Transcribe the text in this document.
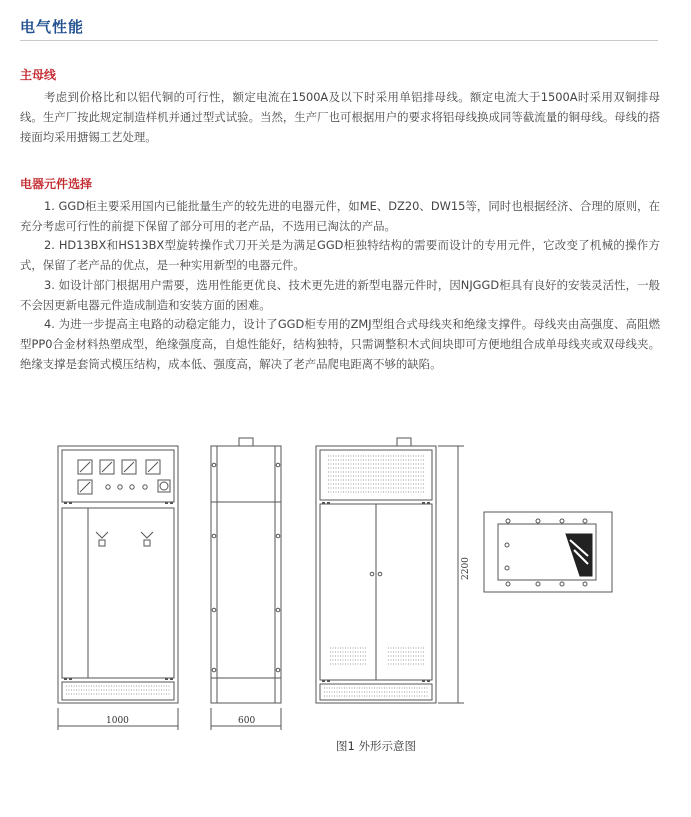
电气性能
主母线

考虑到价格比和以铝代铜的可行性，额定电流在1500A及以下时采用单铝排母线。额定电流大于1500A时采用双铜排母线。生产厂按此规定制造样机并通过型式试验。当然，生产厂也可根据用户的要求将铝母线换成同等截流量的铜母线。母线的搭接面均采用搪锡工艺处理。

电器元件选择

1. GGD柜主要采用国内已能批量生产的较先进的电器元件，如ME、DZ20、DW15等，同时也根据经济、合理的原则，在充分考虑可行性的前提下保留了部分可用的老产品，不选用已淘汰的产品。

2. HD13BX和HS13BX型旋转操作式刀开关是为满足GGD柜独特结构的需要而设计的专用元件，它改变了机械的操作方式，保留了老产品的优点，是一种实用新型的电器元件。

3. 如设计部门根据用户需要，选用性能更优良、技术更先进的新型电器元件时，因NJGGD柜具有良好的安装灵活性，一般不会因更新电器元件造成制造和安装方面的困难。

4. 为进一步提高主电路的动稳定能力，设计了GGD柜专用的ZMJ型组合式母线夹和绝缘支撑件。母线夹由高强度、高阻燃型PP0合金材料热塑成型，绝缘强度高，自熄性能好，结构独特，只需调整积木式间块即可方便地组合成单母线夹或双母线夹。绝缘支撑是套筒式模压结构，成本低、强度高，解决了老产品爬电距离不够的缺陷。

1000	600
2200
图1 外形示意图
